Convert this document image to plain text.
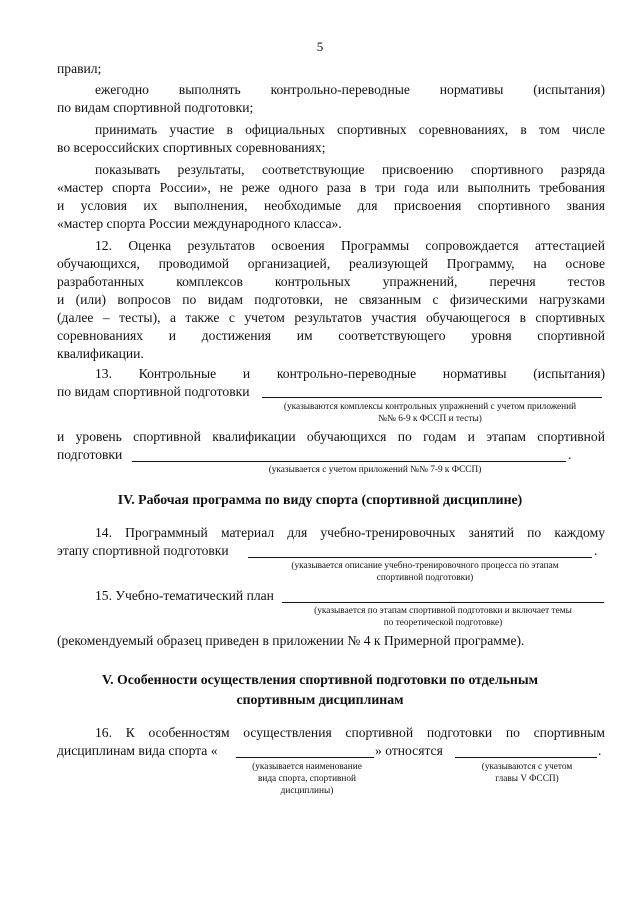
5
правил;
ежегодно выполнять контрольно-переводные нормативы (испытания)
по видам спортивной подготовки;
принимать участие в официальных спортивных соревнованиях, в том числе
во всероссийских спортивных соревнованиях;
показывать результаты, соответствующие присвоению спортивного разряда
«мастер спорта России», не реже одного раза в три года или выполнить требования
и условия их выполнения, необходимые для присвоения спортивного звания
«мастер спорта России международного класса».
12. Оценка результатов освоения Программы сопровождается аттестацией
обучающихся, проводимой организацией, реализующей Программу, на основе
разработанных комплексов контрольных упражнений, перечня тестов
и (или) вопросов по видам подготовки, не связанным с физическими нагрузками
(далее – тесты), а также с учетом результатов участия обучающегося в спортивных
соревнованиях и достижения им соответствующего уровня спортивной
квалификации.
13. Контрольные и контрольно-переводные нормативы (испытания)
по видам спортивной подготовки
(указываются комплексы контрольных упражнений с учетом приложений
№№ 6-9 к ФССП и тесты)
и уровень спортивной квалификации обучающихся по годам и этапам спортивной
подготовки	.
(указывается с учетом приложений №№ 7-9 к ФССП)
IV. Рабочая программа по виду спорта (спортивной дисциплине)
14. Программный материал для учебно-тренировочных занятий по каждому
этапу спортивной подготовки	.
(указывается описание учебно-тренировочного процесса по этапам
спортивной подготовки)
15. Учебно-тематический план
(указывается по этапам спортивной подготовки и включает темы
по теоретической подготовке)
(рекомендуемый образец приведен в приложении № 4 к Примерной программе).
V. Особенности осуществления спортивной подготовки по отдельным
спортивным дисциплинам
16. К особенностям осуществления спортивной подготовки по спортивным
дисциплинам вида спорта «	» относятся	.
(указывается наименование
вида спорта, спортивной
дисциплины)
(указываются с учетом
главы V ФССП)
